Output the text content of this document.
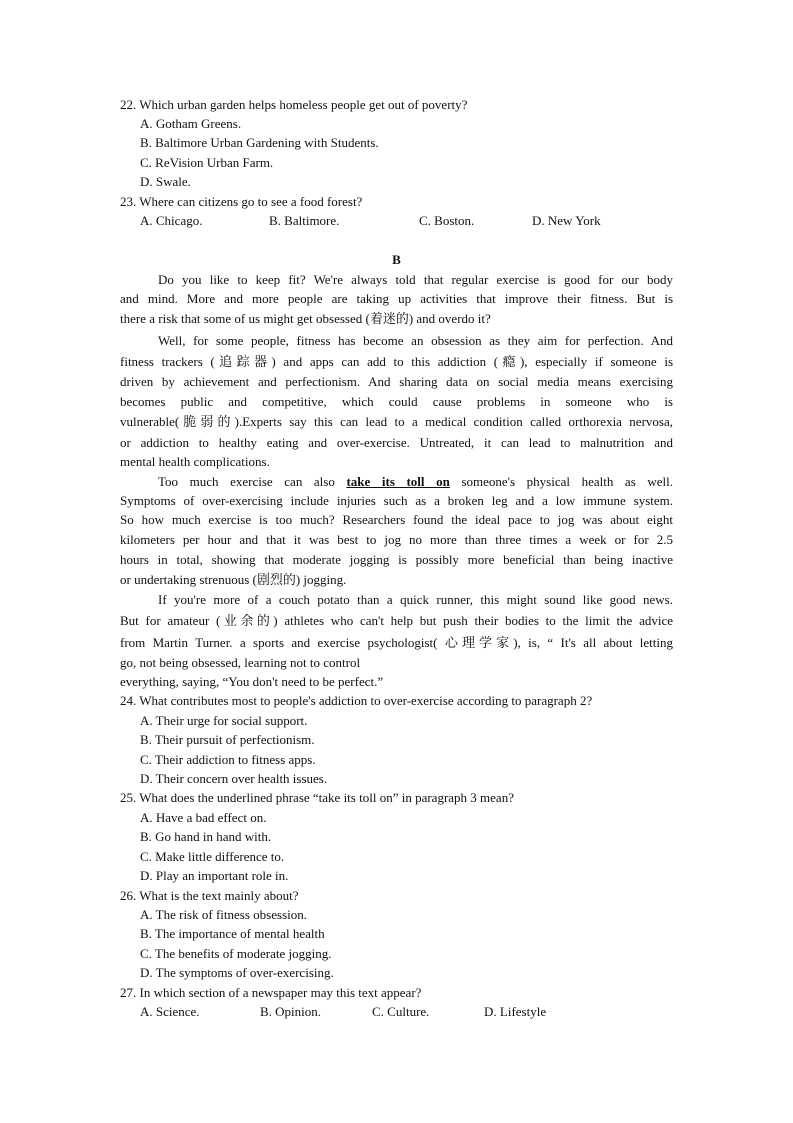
22. Which urban garden helps homeless people get out of poverty?
A. Gotham Greens.
B. Baltimore Urban Gardening with Students.
C. ReVision Urban Farm.
D. Swale.
23. Where can citizens go to see a food forest?
A. Chicago.	B. Baltimore.	C. Boston.	D. New York
B
Do you like to keep fit? We're always told that regular exercise is good for our body
and mind. More and more people are taking up activities that improve their fitness. But is
there a risk that some of us might get obsessed (着迷的) and overdo it?
Well, for some people, fitness has become an obsession as they aim for perfection. And
fitness trackers (追踪器) and apps can add to this addiction (瘾), especially if someone is
driven by achievement and perfectionism. And sharing data on social media means exercising
becomes public and competitive, which could cause problems in someone who is
vulnerable(脆弱的).Experts say this can lead to a medical condition called orthorexia nervosa,
or addiction to healthy eating and over-exercise. Untreated, it can lead to malnutrition and
mental health complications.
Too much exercise can also take its toll on someone's physical health as well.
Symptoms of over-exercising include injuries such as a broken leg and a low immune system.
So how much exercise is too much? Researchers found the ideal pace to jog was about eight
kilometers per hour and that it was best to jog no more than three times a week or for 2.5
hours in total, showing that moderate jogging is possibly more beneficial than being inactive
or undertaking strenuous (剧烈的) jogging.
If you're more of a couch potato than a quick runner, this might sound like good news.
But for amateur (业余的) athletes who can't help but push their bodies to the limit the advice
from Martin Turner. a sports and exercise psychologist( 心理学家), is, “ It's all about letting
go, not being obsessed, learning not to control
everything, saying, “You don't need to be perfect.”
24. What contributes most to people's addiction to over-exercise according to paragraph 2?
A. Their urge for social support.
B. Their pursuit of perfectionism.
C. Their addiction to fitness apps.
D. Their concern over health issues.
25. What does the underlined phrase “take its toll on” in paragraph 3 mean?
A. Have a bad effect on.
B. Go hand in hand with.
C. Make little difference to.
D. Play an important role in.
26. What is the text mainly about?
A. The risk of fitness obsession.
B. The importance of mental health
C. The benefits of moderate jogging.
D. The symptoms of over-exercising.
27. In which section of a newspaper may this text appear?
A. Science.	B. Opinion.	C. Culture.	D. Lifestyle
